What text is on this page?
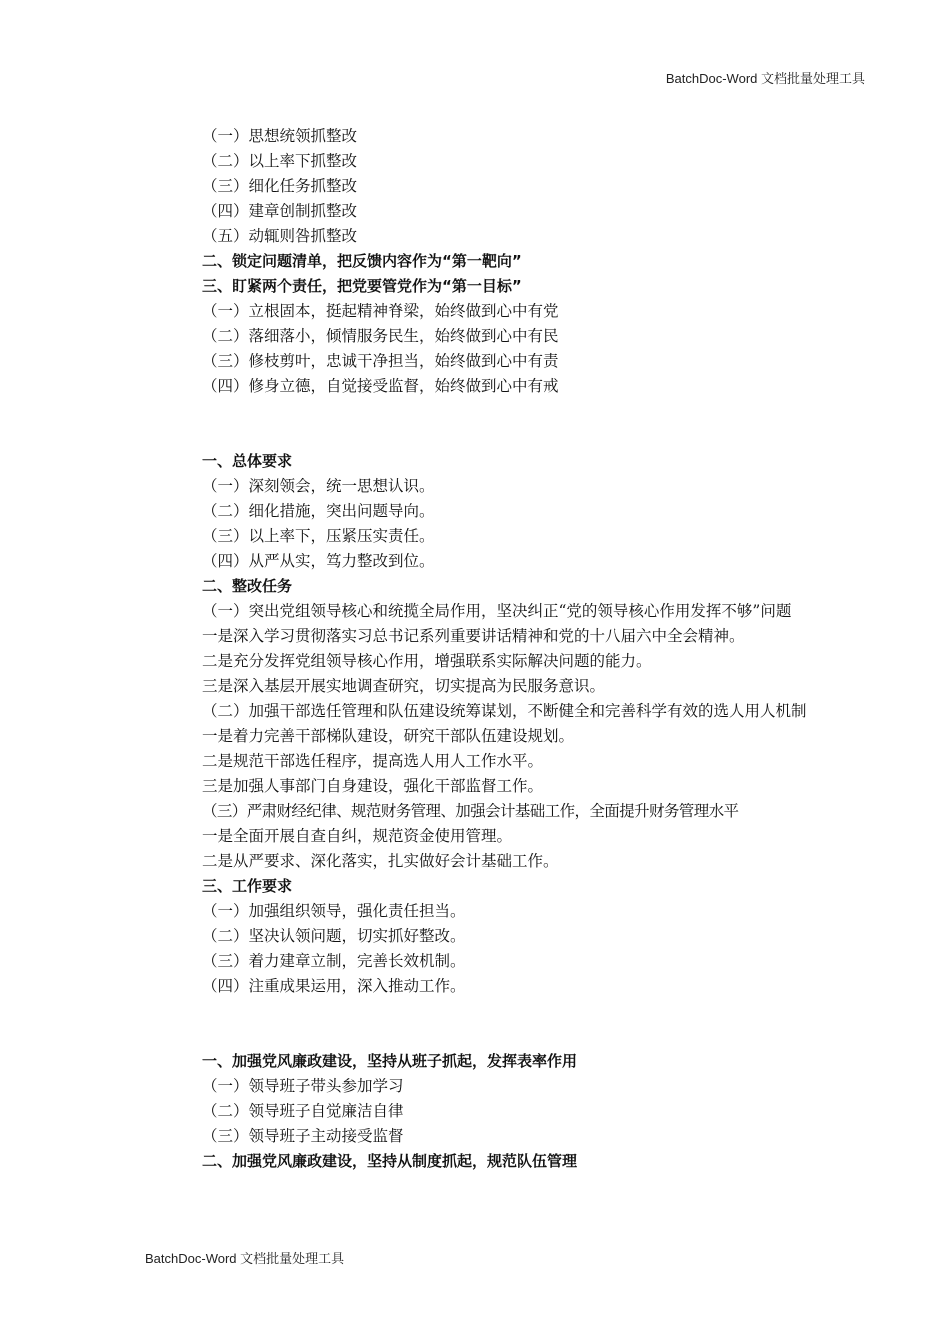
BatchDoc-Word 文档批量处理工具
（一）思想统领抓整改
（二）以上率下抓整改
（三）细化任务抓整改
（四）建章创制抓整改
（五）动辄则咎抓整改
二、锁定问题清单，把反馈内容作为“第一靶向”
三、盯紧两个责任，把党要管党作为“第一目标”
（一）立根固本，挺起精神脊梁，始终做到心中有党
（二）落细落小，倾情服务民生，始终做到心中有民
（三）修枝剪叶，忠诚干净担当，始终做到心中有责
（四）修身立德，自觉接受监督，始终做到心中有戒
一、总体要求
（一）深刻领会，统一思想认识。
（二）细化措施，突出问题导向。
（三）以上率下，压紧压实责任。
（四）从严从实，笃力整改到位。
二、整改任务
（一）突出党组领导核心和统揽全局作用，坚决纠正“党的领导核心作用发挥不够”问题
一是深入学习贯彻落实习总书记系列重要讲话精神和党的十八届六中全会精神。
二是充分发挥党组领导核心作用，增强联系实际解决问题的能力。
三是深入基层开展实地调查研究，切实提高为民服务意识。
（二）加强干部选任管理和队伍建设统筹谋划，不断健全和完善科学有效的选人用人机制
一是着力完善干部梯队建设，研究干部队伍建设规划。
二是规范干部选任程序，提高选人用人工作水平。
三是加强人事部门自身建设，强化干部监督工作。
（三）严肃财经纪律、规范财务管理、加强会计基础工作，全面提升财务管理水平
一是全面开展自查自纠，规范资金使用管理。
二是从严要求、深化落实，扎实做好会计基础工作。
三、工作要求
（一）加强组织领导，强化责任担当。
（二）坚决认领问题，切实抓好整改。
（三）着力建章立制，完善长效机制。
（四）注重成果运用，深入推动工作。
一、加强党风廉政建设，坚持从班子抓起，发挥表率作用
（一）领导班子带头参加学习
（二）领导班子自觉廉洁自律
（三）领导班子主动接受监督
二、加强党风廉政建设，坚持从制度抓起，规范队伍管理
BatchDoc-Word 文档批量处理工具
